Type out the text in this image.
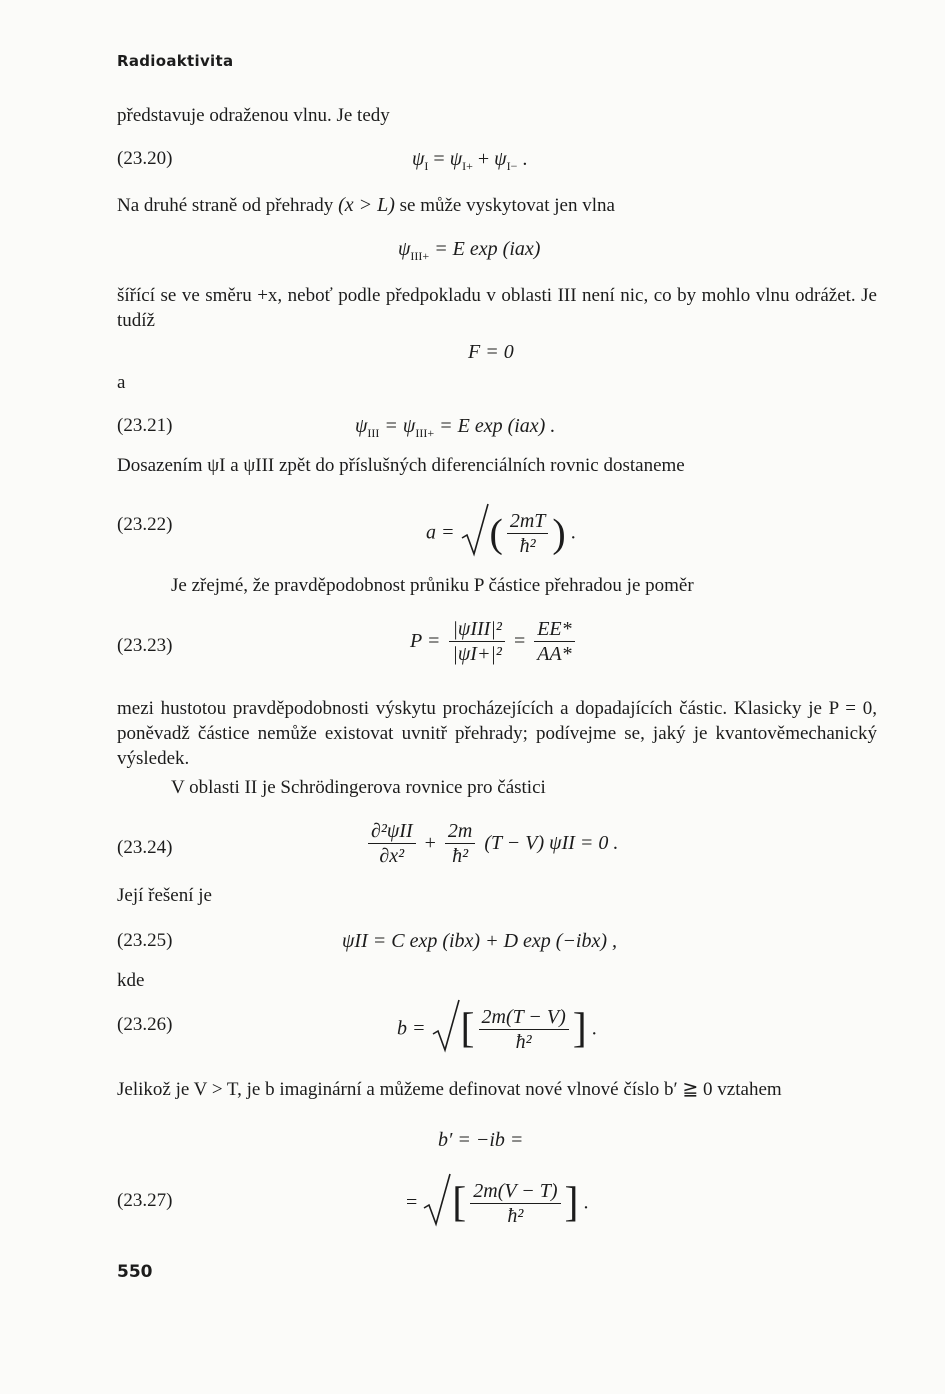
Radioaktivita
představuje odraženou vlnu. Je tedy
(23.20)	$\psi_I = \psi_{I+} + \psi_{I-}$ .
Na druhé straně od přehrady (x > L) se může vyskytovat jen vlna
$\psi_{III+} = E$ exp (iax)
šířící se ve směru +x, neboť podle předpokladu v oblasti III není nic, co by mohlo vlnu odrážet. Je tudíž
F = 0
a
(23.21)	$\psi_{III} = \psi_{III+} = E$ exp (iax) .
Dosazením ψI a ψIII zpět do příslušných diferenciálních rovnic dostaneme
(23.22)	a = ( $\frac{2mT}{\text{ħ²}}$ ) .
Je zřejmé, že pravděpodobnost průniku P částice přehradou je poměr
(23.23)	$P = \frac{\text{|ψIII|²}}{\text{|ψI+|²}} = \frac{EE*}{AA*}$
mezi hustotou pravděpodobnosti výskytu procházejících a dopadajících částic. Klasicky je P = 0, poněvadž částice nemůže existovat uvnitř přehrady; podívejme se, jaký je kvantověmechanický výsledek.
V oblasti II je Schrödingerova rovnice pro částici
(23.24)	$\frac{\text{∂²ψII}}{\text{∂x²}} + \frac{2m}{\text{ħ²}} (T - V) \psi II = 0$ .
Její řešení je
(23.25)	ψII = C exp (ibx) + D exp (−ibx) ,
kde
(23.26)	b = [ $\frac{2m(T - V)}{\text{ħ²}}$ ] .
Jelikož je V > T, je b imaginární a můžeme definovat nové vlnové číslo b′ ≧ 0 vztahem
b′ = −ib =
(23.27)	= [ $\frac{2m(V - T)}{\text{ħ²}}$ ] .
550
